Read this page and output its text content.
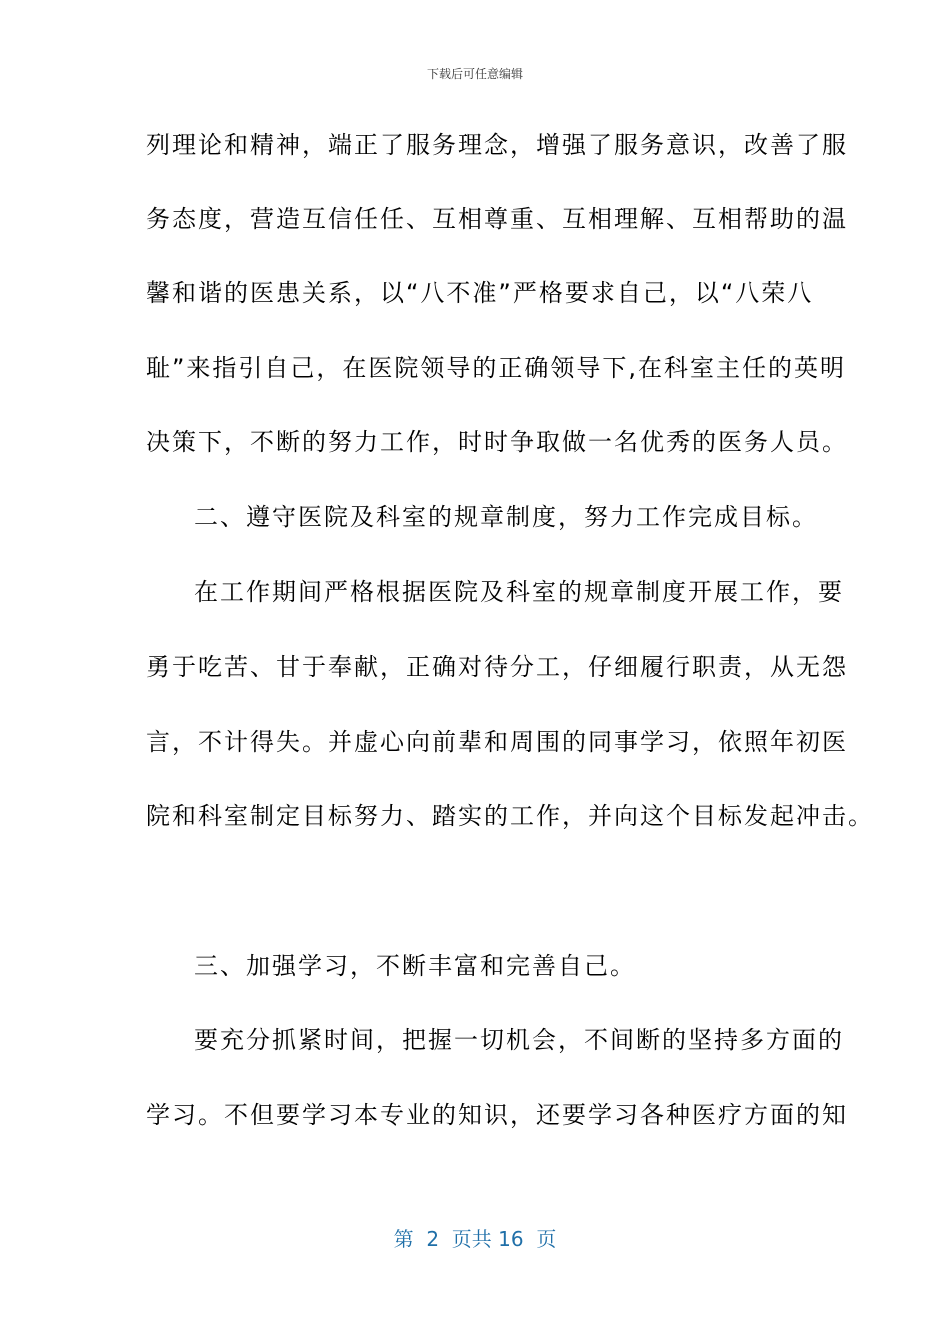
下载后可任意编辑
列理论和精神，端正了服务理念，增强了服务意识，改善了服
务态度，营造互信任任、互相尊重、互相理解、互相帮助的温
馨和谐的医患关系，以“八不准”严格要求自己，以“八荣八
耻”来指引自己，在医院领导的正确领导下,在科室主任的英明
决策下，不断的努力工作，时时争取做一名优秀的医务人员。
二、遵守医院及科室的规章制度，努力工作完成目标。
在工作期间严格根据医院及科室的规章制度开展工作，要
勇于吃苦、甘于奉献，正确对待分工，仔细履行职责，从无怨
言，不计得失。并虚心向前辈和周围的同事学习，依照年初医
院和科室制定目标努力、踏实的工作，并向这个目标发起冲击。
三、加强学习，不断丰富和完善自己。
要充分抓紧时间，把握一切机会，不间断的坚持多方面的
学习。不但要学习本专业的知识，还要学习各种医疗方面的知
第  2  页共 16  页
